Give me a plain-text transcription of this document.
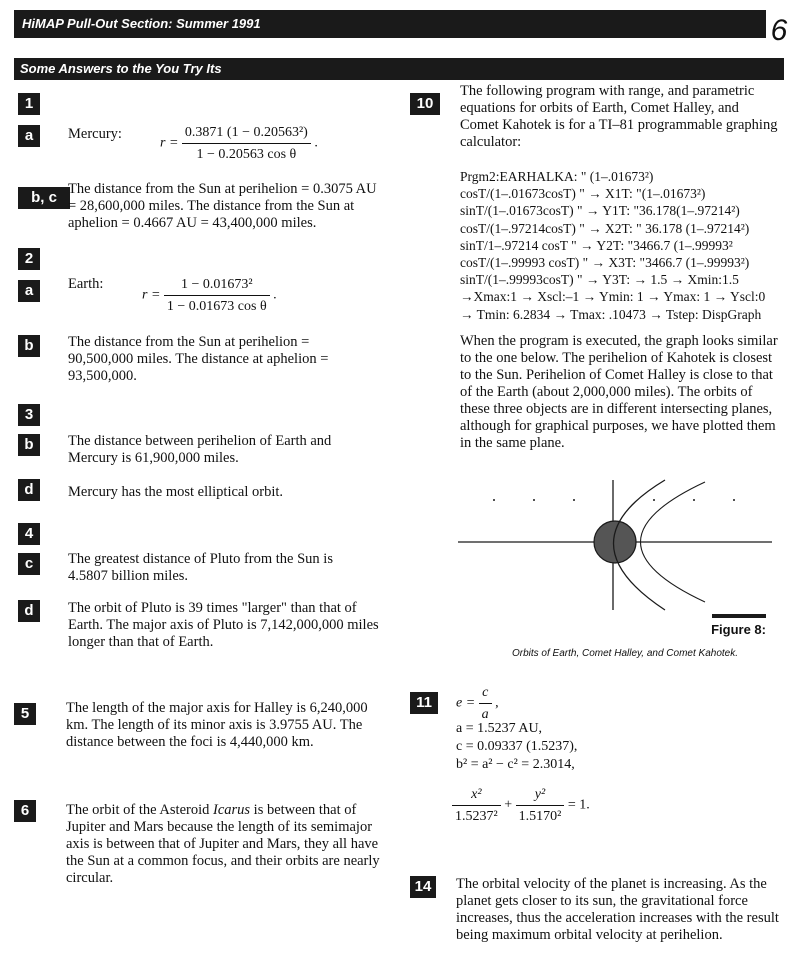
HiMAP Pull-Out Section: Summer 1991	6
Some Answers to the You Try Its
1
a	Mercury:
$r = \frac{\text{0.3871 (1 − 0.20563²)}}{\text{1 − 0.20563 cos θ}}$ .
b, c The distance from the Sun at perihelion = 0.3075 AU = 28,600,000 miles. The distance from the Sun at aphelion = 0.4667 AU = 43,400,000 miles.
2
a	Earth:
$r = \frac{\text{1 − 0.01673²}}{\text{1 − 0.01673 cos θ}}$ .
b	The distance from the Sun at perihelion = 90,500,000 miles. The distance at aphelion = 93,500,000.
3
b	The distance between perihelion of Earth and Mercury is 61,900,000 miles.
d	Mercury has the most elliptical orbit.
4
c	The greatest distance of Pluto from the Sun is 4.5807 billion miles.
d	The orbit of Pluto is 39 times "larger" than that of Earth. The major axis of Pluto is 7,142,000,000 miles longer than that of Earth.
5	The length of the major axis for Halley is 6,240,000 km. The length of its minor axis is 3.9755 AU. The distance between the foci is 4,440,000 km.
6	The orbit of the Asteroid Icarus is between that of Jupiter and Mars because the length of its semimajor axis is between that of Jupiter and Mars, they all have the Sun at a common focus, and their orbits are nearly circular.
10
The following program with range, and parametric equations for orbits of Earth, Comet Halley, and Comet Kahotek is for a TI–81 programmable graphing calculator:
Prgm2:EARHALKA: " (1–.01673²)
cosT/(1–.01673cosT) " → X1T: "(1–.01673²)
sinT/(1–.01673cosT) " → Y1T: "36.178(1–.97214²)
cosT/(1–.97214cosT) " → X2T: " 36.178 (1–.97214²)
sinT/1–.97214 cosT " → Y2T: "3466.7 (1–.99993²
cosT/(1–.99993 cosT) " → X3T: "3466.7 (1–.99993²)
sinT/(1–.99993cosT) " → Y3T: → 1.5 → Xmin:1.5
→Xmax:1 → Xscl:–1 → Ymin: 1 → Ymax: 1 → Yscl:0
→ Tmin: 6.2834 → Tmax: .10473 → Tstep: DispGraph
When the program is executed, the graph looks similar to the one below. The perihelion of Kahotek is closest to the Sun. Perihelion of Comet Halley is close to that of the Earth (about 2,000,000 miles). The orbits of these three objects are in different intersecting planes, although for graphical purposes, we have plotted them in the same plane.
Figure 8:
Orbits of Earth, Comet Halley, and Comet Kahotek.
11	$e = \frac{c}{a}$ ,
a = 1.5237 AU,
c = 0.09337 (1.5237),
b² = a² − c² = 2.3014,
$\frac{\text{x²}}{\text{1.5237²}} + \frac{\text{y²}}{\text{1.5170²}} = 1$.
14	The orbital velocity of the planet is increasing. As the planet gets closer to its sun, the gravitational force increases, thus the acceleration increases with the result being maximum orbital velocity at perihelion.
